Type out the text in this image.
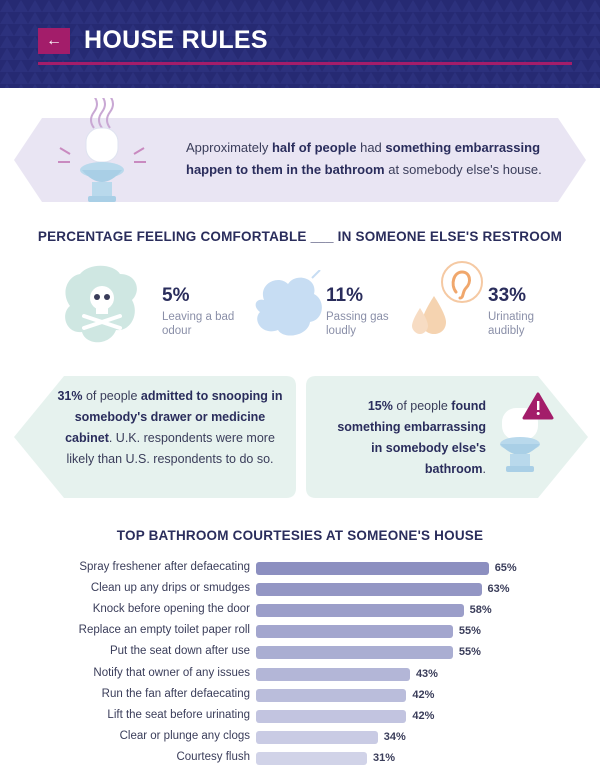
← HOUSE RULES
Approximately half of people had something embarrassing happen to them in the bathroom at somebody else's house.
PERCENTAGE FEELING COMFORTABLE ___ IN SOMEONE ELSE'S RESTROOM
5%
Leaving a bad odour
11%
Passing gas loudly
33%
Urinating audibly
31% of people admitted to snooping in somebody's drawer or medicine cabinet. U.K. respondents were more likely than U.S. respondents to do so.
15% of people found something embarrassing in somebody else's bathroom.
TOP BATHROOM COURTESIES AT SOMEONE'S HOUSE
Spray freshener after defaecating	65%
Clean up any drips or smudges	63%
Knock before opening the door	58%
Replace an empty toilet paper roll	55%
Put the seat down after use	55%
Notify that owner of any issues	43%
Run the fan after defaecating	42%
Lift the seat before urinating	42%
Clear or plunge any clogs	34%
Courtesy flush	31%
